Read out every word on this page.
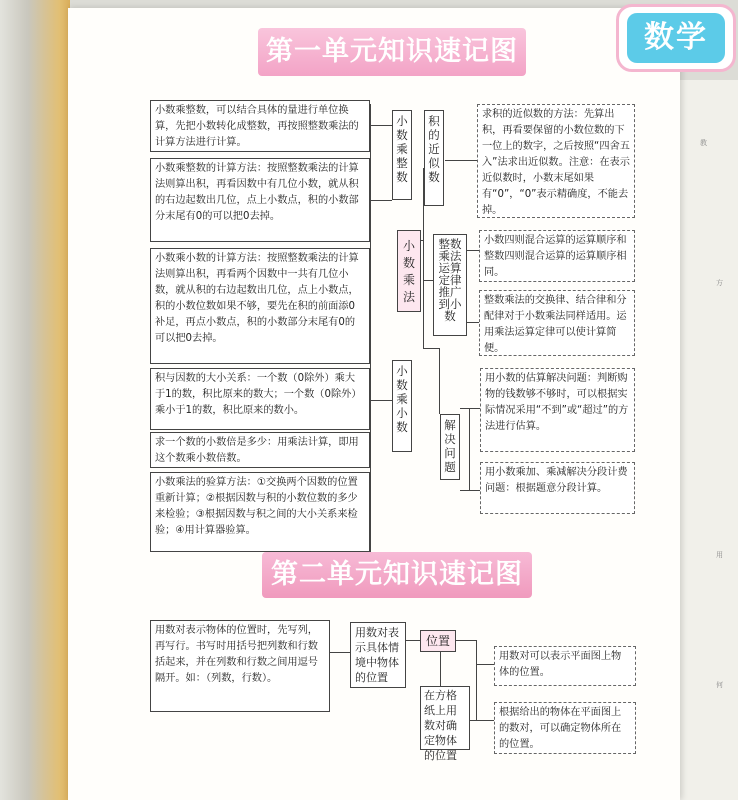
教
方
用
何
数学
第一单元知识速记图
小数乘整数，可以结合具体的量进行单位换算，先把小数转化成整数，再按照整数乘法的计算方法进行计算。
小数乘整数的计算方法：按照整数乘法的计算法则算出积，再看因数中有几位小数，就从积的右边起数出几位，点上小数点，积的小数部分末尾有0的可以把0去掉。
小数乘小数的计算方法：按照整数乘法的计算法则算出积，再看两个因数中一共有几位小数，就从积的右边起数出几位，点上小数点，积的小数位数如果不够，要先在积的前面添0补足，再点小数点，积的小数部分末尾有0的可以把0去掉。
积与因数的大小关系：一个数（0除外）乘大于1的数，积比原来的数大；一个数（0除外）乘小于1的数，积比原来的数小。
求一个数的小数倍是多少：用乘法计算，即用这个数乘小数倍数。
小数乘法的验算方法：①交换两个因数的位置重新计算；②根据因数与积的小数位数的多少来检验；③根据因数与积之间的大小关系来检验；④用计算器验算。
小数乘整数
小数乘法
小数乘小数
积的近似数
整数乘法运算定律推广到小数
解决问题
求积的近似数的方法：先算出积，再看要保留的小数位数的下一位上的数字，之后按照“四舍五入”法求出近似数。注意：在表示近似数时，小数末尾如果有“0”，“0”表示精确度，不能去掉。
小数四则混合运算的运算顺序和整数四则混合运算的运算顺序相同。
整数乘法的交换律、结合律和分配律对于小数乘法同样适用。运用乘法运算定律可以使计算简便。
用小数的估算解决问题：判断购物的钱数够不够时，可以根据实际情况采用“不到”或“超过”的方法进行估算。
用小数乘加、乘减解决分段计费问题：根据题意分段计算。
第二单元知识速记图
用数对表示物体的位置时，先写列，再写行。书写时用括号把列数和行数括起来，并在列数和行数之间用逗号隔开。如：（列数，行数）。
用数对表示具体情境中物体的位置
位置
在方格纸上用数对确定物体的位置
用数对可以表示平面图上物体的位置。
根据给出的物体在平面图上的数对，可以确定物体所在的位置。
